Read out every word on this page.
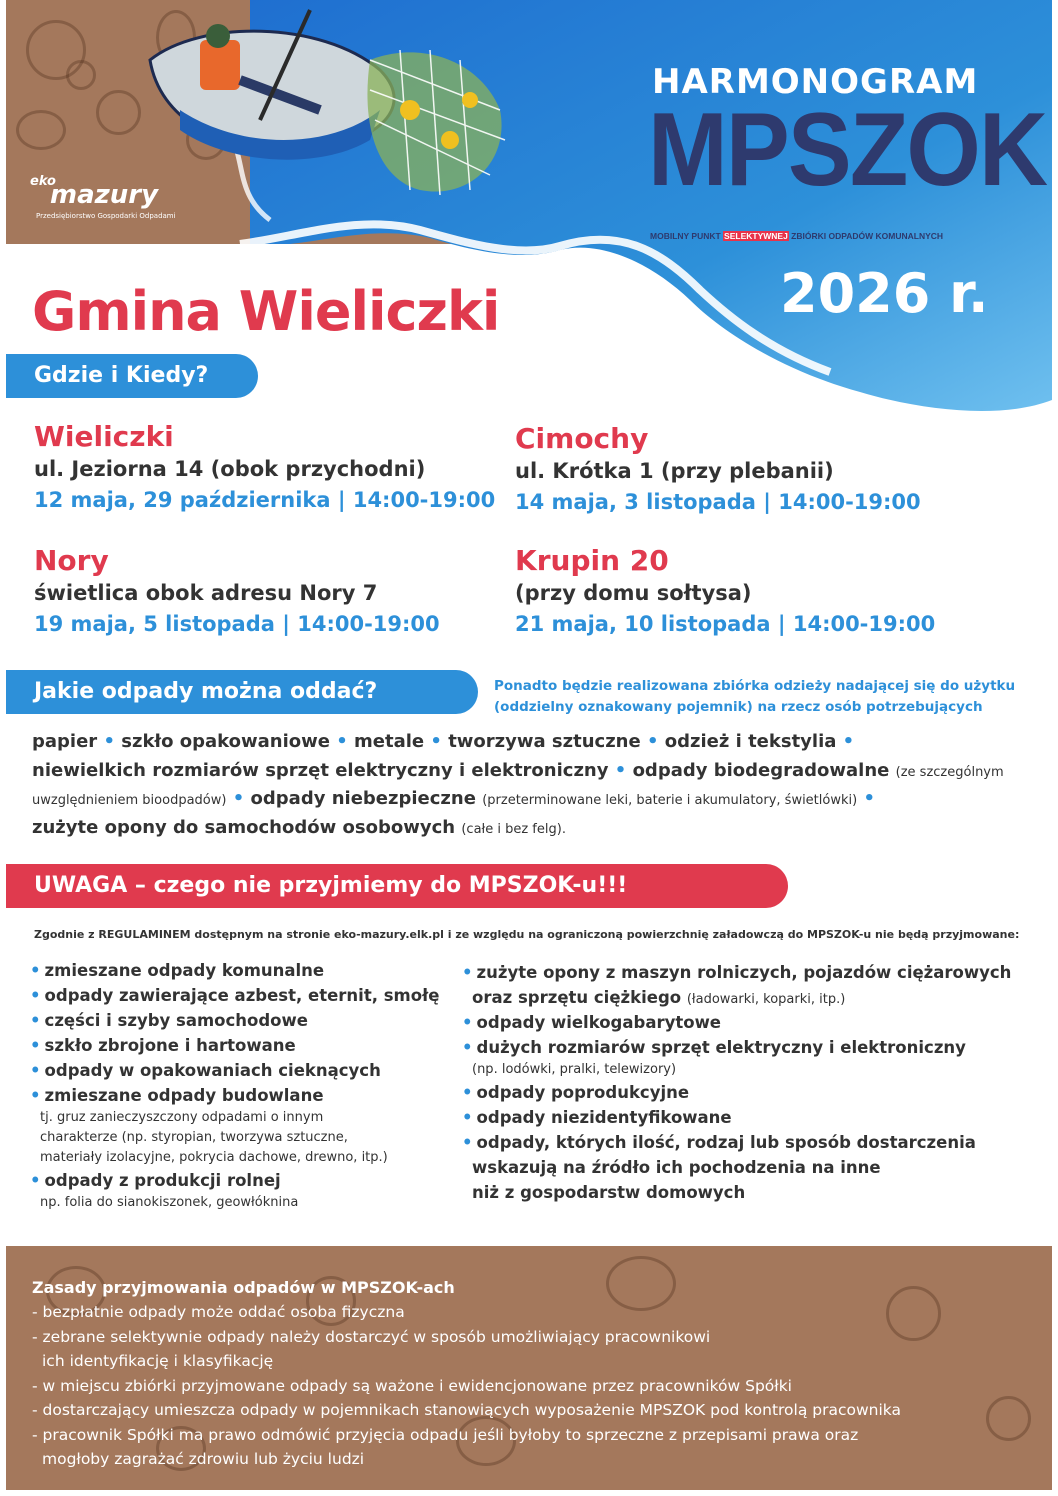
eko
mazury
Przedsiębiorstwo Gospodarki Odpadami
HARMONOGRAM
MPSZOK
MOBILNY PUNKT SELEKTYWNEJ ZBIÓRKI ODPADÓW KOMUNALNYCH
2026 r.
Gmina Wieliczki
Gdzie i Kiedy?
Wieliczki
ul. Jeziorna 14 (obok przychodni)
12 maja, 29 października | 14:00-19:00
Cimochy
ul. Krótka 1 (przy plebanii)
14 maja, 3 listopada | 14:00-19:00
Nory
świetlica obok adresu Nory 7
19 maja, 5 listopada | 14:00-19:00
Krupin 20
(przy domu sołtysa)
21 maja, 10 listopada | 14:00-19:00
Jakie odpady można oddać?	Ponadto będzie realizowana zbiórka odzieży nadającej się do użytku
(oddzielny oznakowany pojemnik) na rzecz osób potrzebujących
papier • szkło opakowaniowe • metale • tworzywa sztuczne • odzież i tekstylia •
niewielkich rozmiarów sprzęt elektryczny i elektroniczny • odpady biodegradowalne (ze szczególnym uwzględnieniem bioodpadów) • odpady niebezpieczne (przeterminowane leki, baterie i akumulatory, świetlówki) •
zużyte opony do samochodów osobowych (całe i bez felg).
UWAGA – czego nie przyjmiemy do MPSZOK-u!!!
Zgodnie z REGULAMINEM dostępnym na stronie eko-mazury.elk.pl i ze względu na ograniczoną powierzchnię załadowczą do MPSZOK-u nie będą przyjmowane:
• zmieszane odpady komunalne
• odpady zawierające azbest, eternit, smołę
• części i szyby samochodowe
• szkło zbrojone i hartowane
• odpady w opakowaniach cieknących
• zmieszane odpady budowlane
tj. gruz zanieczyszczony odpadami o innym
charakterze (np. styropian, tworzywa sztuczne,
materiały izolacyjne, pokrycia dachowe, drewno, itp.)
• odpady z produkcji rolnej
np. folia do sianokiszonek, geowłóknina
• zużyte opony z maszyn rolniczych, pojazdów ciężarowych
oraz sprzętu ciężkiego (ładowarki, koparki, itp.)
• odpady wielkogabarytowe
• dużych rozmiarów sprzęt elektryczny i elektroniczny
(np. lodówki, pralki, telewizory)
• odpady poprodukcyjne
• odpady niezidentyfikowane
• odpady, których ilość, rodzaj lub sposób dostarczenia
wskazują na źródło ich pochodzenia na inne
niż z gospodarstw domowych
Zasady przyjmowania odpadów w MPSZOK-ach

- bezpłatnie odpady może oddać osoba fizyczna

- zebrane selektywnie odpady należy dostarczyć w sposób umożliwiający pracownikowi

ich identyfikację i klasyfikację

- w miejscu zbiórki przyjmowane odpady są ważone i ewidencjonowane przez pracowników Spółki

- dostarczający umieszcza odpady w pojemnikach stanowiących wyposażenie MPSZOK pod kontrolą pracownika

- pracownik Spółki ma prawo odmówić przyjęcia odpadu jeśli byłoby to sprzeczne z przepisami prawa oraz

mogłoby zagrażać zdrowiu lub życiu ludzi
